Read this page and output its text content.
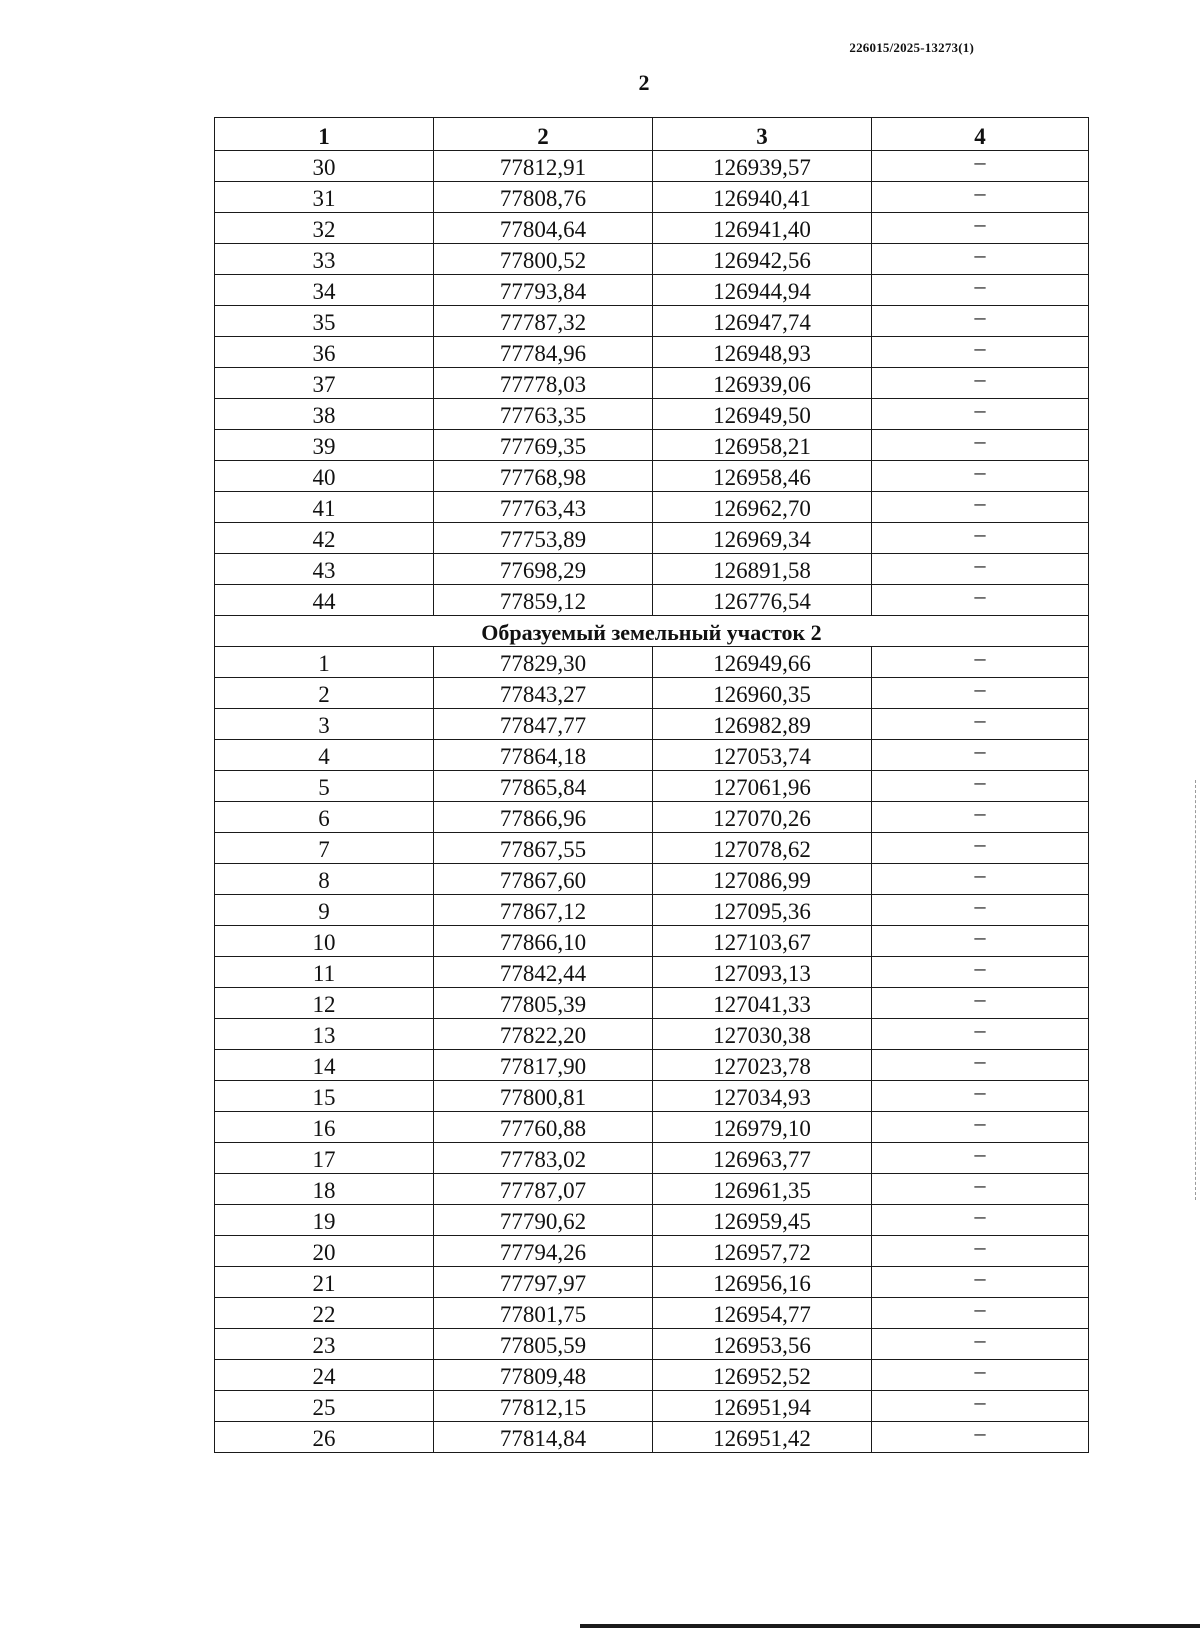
226015/2025-13273(1)
2
1	2	3	4
30	77812,91	126939,57	–
31	77808,76	126940,41	–
32	77804,64	126941,40	–
33	77800,52	126942,56	–
34	77793,84	126944,94	–
35	77787,32	126947,74	–
36	77784,96	126948,93	–
37	77778,03	126939,06	–
38	77763,35	126949,50	–
39	77769,35	126958,21	–
40	77768,98	126958,46	–
41	77763,43	126962,70	–
42	77753,89	126969,34	–
43	77698,29	126891,58	–
44	77859,12	126776,54	–
Образуемый земельный участок 2			
1	77829,30	126949,66	–
2	77843,27	126960,35	–
3	77847,77	126982,89	–
4	77864,18	127053,74	–
5	77865,84	127061,96	–
6	77866,96	127070,26	–
7	77867,55	127078,62	–
8	77867,60	127086,99	–
9	77867,12	127095,36	–
10	77866,10	127103,67	–
11	77842,44	127093,13	–
12	77805,39	127041,33	–
13	77822,20	127030,38	–
14	77817,90	127023,78	–
15	77800,81	127034,93	–
16	77760,88	126979,10	–
17	77783,02	126963,77	–
18	77787,07	126961,35	–
19	77790,62	126959,45	–
20	77794,26	126957,72	–
21	77797,97	126956,16	–
22	77801,75	126954,77	–
23	77805,59	126953,56	–
24	77809,48	126952,52	–
25	77812,15	126951,94	–
26	77814,84	126951,42	–
